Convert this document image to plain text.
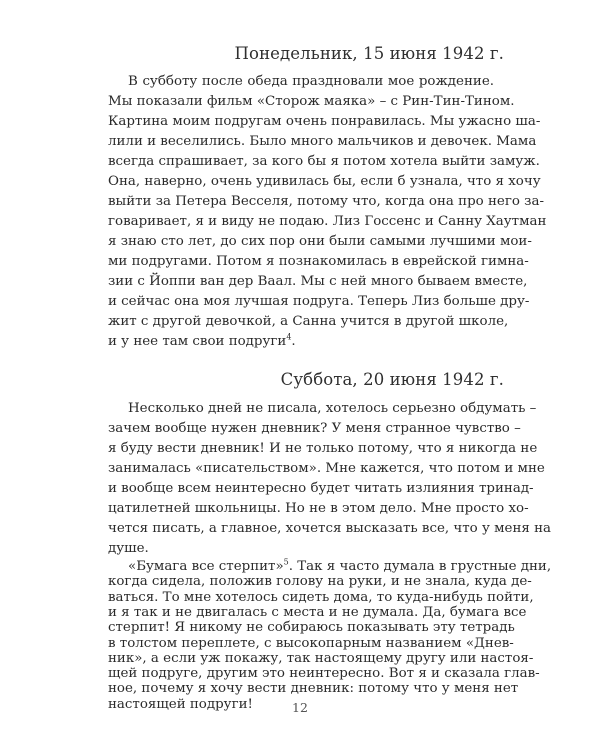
Понедельник, 15 июня 1942 г.
В субботу после обеда праздновали мое рождение.
Мы показали фильм «Сторож маяка» – с Рин-Тин-Тином.
Картина моим подругам очень понравилась. Мы ужасно ша-
лили и веселились. Было много мальчиков и девочек. Мама
всегда спрашивает, за кого бы я потом хотела выйти замуж.
Она, наверно, очень удивилась бы, если б узнала, что я хочу
выйти за Петера Весселя, потому что, когда она про него за-
говаривает, я и виду не подаю. Лиз Госсенс и Санну Хаутман
я знаю сто лет, до сих пор они были самыми лучшими мои-
ми подругами. Потом я познакомилась в еврейской гимна-
зии с Йоппи ван дер Ваал. Мы с ней много бываем вместе,
и сейчас она моя лучшая подруга. Теперь Лиз больше дру-
жит с другой девочкой, а Санна учится в другой школе,
и у нее там свои подруги$^4$.
Суббота, 20 июня 1942 г.
Несколько дней не писала, хотелось серьезно обдумать –
зачем вообще нужен дневник? У меня странное чувство –
я буду вести дневник! И не только потому, что я никогда не
занималась «писательством». Мне кажется, что потом и мне
и вообще всем неинтересно будет читать излияния тринад-
цатилетней школьницы. Но не в этом дело. Мне просто хо-
чется писать, а главное, хочется высказать все, что у меня на
душе.
«Бумага все стерпит»$^5$. Так я часто думала в грустные дни,
когда сидела, положив голову на руки, и не знала, куда де-
ваться. То мне хотелось сидеть дома, то куда-нибудь пойти,
и я так и не двигалась с места и не думала. Да, бумага все
стерпит! Я никому не собираюсь показывать эту тетрадь
в толстом переплете, с высокопарным названием «Днев-
ник», а если уж покажу, так настоящему другу или настоя-
щей подруге, другим это неинтересно. Вот я и сказала глав-
ное, почему я хочу вести дневник: потому что у меня нет
настоящей подруги!	12
